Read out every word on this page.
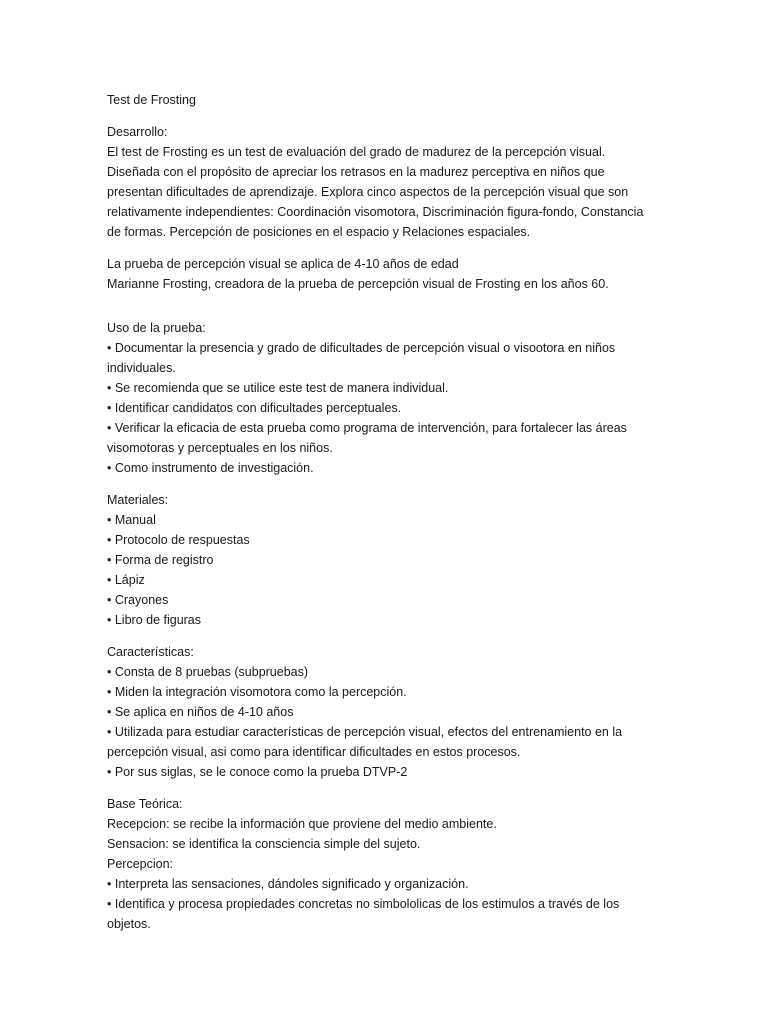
Test de Frosting
Desarrollo:

El test de Frosting es un test de evaluación del grado de madurez de la percepción visual. Diseñada con el propósito de apreciar los retrasos en la madurez perceptiva en niños que presentan dificultades de aprendizaje. Explora cinco aspectos de la percepción visual que son relativamente independientes: Coordinación visomotora, Discriminación figura-fondo, Constancia de formas. Percepción de posiciones en el espacio y Relaciones espaciales.

La prueba de percepción visual se aplica de 4-10 años de edad
Marianne Frosting, creadora de la prueba de percepción visual de Frosting en los años 60.
Uso de la prueba:
• Documentar la presencia y grado de dificultades de percepción visual o visootora en niños individuales.
• Se recomienda que se utilice este test de manera individual.
• Identificar candidatos con dificultades perceptuales.
• Verificar la eficacia de esta prueba como programa de intervención, para fortalecer las áreas visomotoras y perceptuales en los niños.
• Como instrumento de investigación.
Materiales:
• Manual
• Protocolo de respuestas
• Forma de registro
• Lápiz
• Crayones
• Libro de figuras
Características:
• Consta de 8 pruebas (subpruebas)
• Miden la integración visomotora como la percepción.
• Se aplica en niños de 4-10 años
• Utilizada para estudiar características de percepción visual, efectos del entrenamiento en la percepción visual, asi como para identificar dificultades en estos procesos.
• Por sus siglas, se le conoce como la prueba DTVP-2
Base Teórica:
Recepcion: se recibe la información que proviene del medio ambiente.
Sensacion: se identifica la consciencia simple del sujeto.
Percepcion:
• Interpreta las sensaciones, dándoles significado y organización.
• Identifica y procesa propiedades concretas no simbololicas de los estimulos a través de los objetos.
